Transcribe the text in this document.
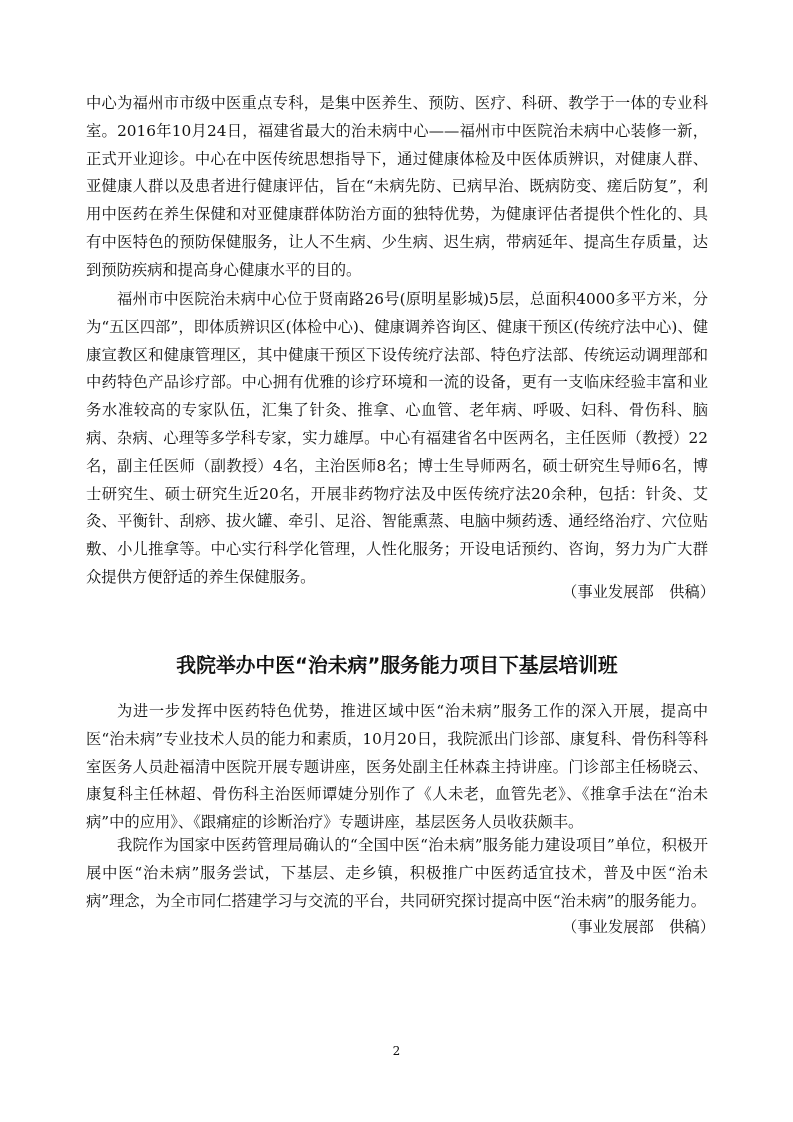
中心为福州市市级中医重点专科，是集中医养生、预防、医疗、科研、教学于一体的专业科室。2016年10月24日，福建省最大的治未病中心——福州市中医院治未病中心装修一新，正式开业迎诊。中心在中医传统思想指导下，通过健康体检及中医体质辨识，对健康人群、亚健康人群以及患者进行健康评估，旨在“未病先防、已病早治、既病防变、瘥后防复”，利用中医药在养生保健和对亚健康群体防治方面的独特优势，为健康评估者提供个性化的、具有中医特色的预防保健服务，让人不生病、少生病、迟生病，带病延年、提高生存质量，达到预防疾病和提高身心健康水平的目的。

福州市中医院治未病中心位于贤南路26号(原明星影城)5层，总面积4000多平方米，分为“五区四部”，即体质辨识区(体检中心)、健康调养咨询区、健康干预区(传统疗法中心)、健康宣教区和健康管理区，其中健康干预区下设传统疗法部、特色疗法部、传统运动调理部和中药特色产品诊疗部。中心拥有优雅的诊疗环境和一流的设备，更有一支临床经验丰富和业务水准较高的专家队伍，汇集了针灸、推拿、心血管、老年病、呼吸、妇科、骨伤科、脑病、杂病、心理等多学科专家，实力雄厚。中心有福建省名中医两名，主任医师（教授）22名，副主任医师（副教授）4名，主治医师8名；博士生导师两名，硕士研究生导师6名，博士研究生、硕士研究生近20名，开展非药物疗法及中医传统疗法20余种，包括：针灸、艾灸、平衡针、刮痧、拔火罐、牵引、足浴、智能熏蒸、电脑中频药透、通经络治疗、穴位贴敷、小儿推拿等。中心实行科学化管理，人性化服务；开设电话预约、咨询，努力为广大群众提供方便舒适的养生保健服务。

（事业发展部　供稿）
我院举办中医“治未病”服务能力项目下基层培训班

为进一步发挥中医药特色优势，推进区域中医“治未病”服务工作的深入开展，提高中医“治未病”专业技术人员的能力和素质，10月20日，我院派出门诊部、康复科、骨伤科等科室医务人员赴福清中医院开展专题讲座，医务处副主任林森主持讲座。门诊部主任杨晓云、康复科主任林超、骨伤科主治医师谭婕分别作了《人未老，血管先老》、《推拿手法在“治未病”中的应用》、《跟痛症的诊断治疗》专题讲座，基层医务人员收获颇丰。

我院作为国家中医药管理局确认的“全国中医“治未病”服务能力建设项目”单位，积极开展中医“治未病”服务尝试，下基层、走乡镇，积极推广中医药适宜技术，普及中医“治未病”理念，为全市同仁搭建学习与交流的平台，共同研究探讨提高中医“治未病”的服务能力。

（事业发展部　供稿）
2
